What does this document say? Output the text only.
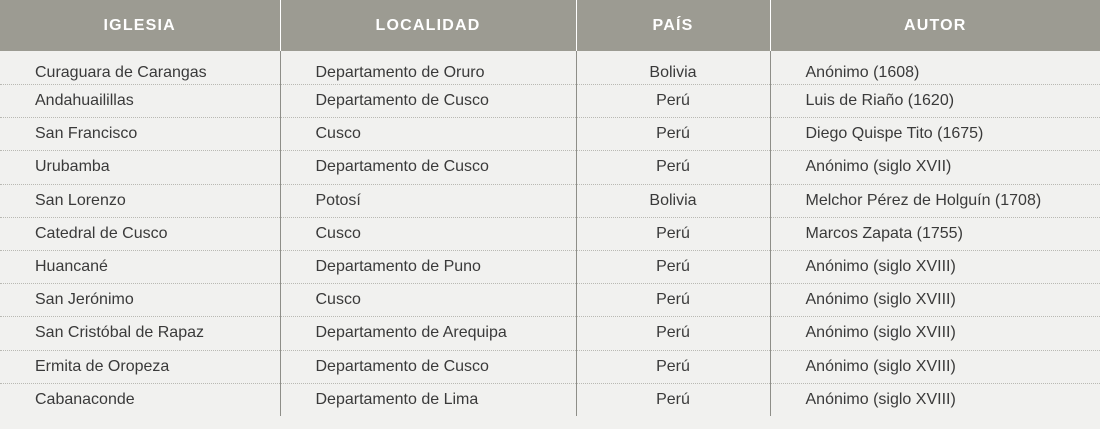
IGLESIA	LOCALIDAD	PAÍS	AUTOR
Curaguara de Carangas	Departamento de Oruro	Bolivia	Anónimo (1608)
Andahuailillas	Departamento de Cusco	Perú	Luis de Riaño (1620)
San Francisco	Cusco	Perú	Diego Quispe Tito (1675)
Urubamba	Departamento de Cusco	Perú	Anónimo (siglo XVII)
San Lorenzo	Potosí	Bolivia	Melchor Pérez de Holguín (1708)
Catedral de Cusco	Cusco	Perú	Marcos Zapata (1755)
Huancané	Departamento de Puno	Perú	Anónimo (siglo XVIII)
San Jerónimo	Cusco	Perú	Anónimo (siglo XVIII)
San Cristóbal de Rapaz	Departamento de Arequipa	Perú	Anónimo (siglo XVIII)
Ermita de Oropeza	Departamento de Cusco	Perú	Anónimo (siglo XVIII)
Cabanaconde	Departamento de Lima	Perú	Anónimo (siglo XVIII)
